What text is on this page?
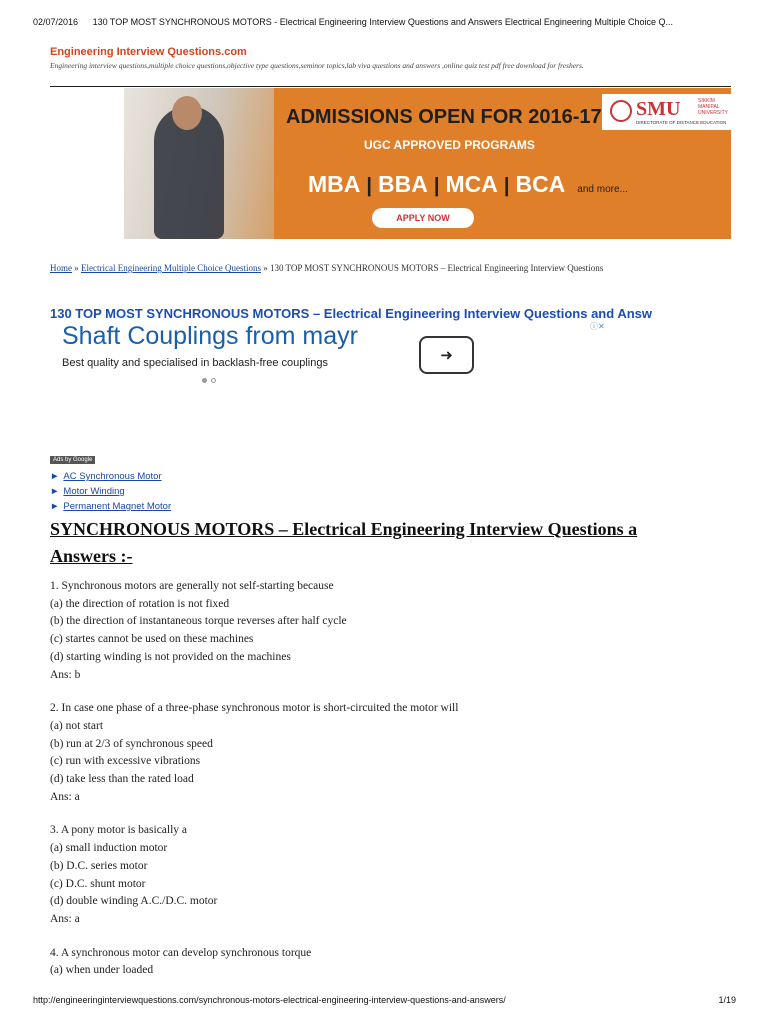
02/07/2016 130 TOP MOST SYNCHRONOUS MOTORS - Electrical Engineering Interview Questions and Answers Electrical Engineering Multiple Choice Q...
Engineering Interview Questions.com
Engineering interview questions,multiple choice questions,objective type questions,seminor topics,lab viva questions and answers ,online quiz test pdf free download for freshers.
ADMISSIONS OPEN FOR 2016-17
UGC APPROVED PROGRAMS
MBA | BBA | MCA | BCA and more...
APPLY NOW
SMU	SIKKIM MANIPAL UNIVERSITY
DIRECTORATE OF DISTANCE EDUCATION
Home » Electrical Engineering Multiple Choice Questions » 130 TOP MOST SYNCHRONOUS MOTORS – Electrical Engineering Interview Questions
130 TOP MOST SYNCHRONOUS MOTORS – Electrical Engineering Interview Questions and Answ
Shaft Couplings from mayr
Best quality and specialised in backlash-free couplings	➜
ⓘ✕
Ads by Google
► AC Synchronous Motor
► Motor Winding
► Permanent Magnet Motor
SYNCHRONOUS MOTORS – Electrical Engineering Interview Questions a
Answers :-
1. Synchronous motors are generally not self-starting because
(a) the direction of rotation is not fixed
(b) the direction of instantaneous torque reverses after half cycle
(c) startes cannot be used on these machines
(d) starting winding is not provided on the machines
Ans: b
2. In case one phase of a three-phase synchronous motor is short-circuited the motor will
(a) not start
(b) run at 2/3 of synchronous speed
(c) run with excessive vibrations
(d) take less than the rated load
Ans: a
3. A pony motor is basically a
(a) small induction motor
(b) D.C. series motor
(c) D.C. shunt motor
(d) double winding A.C./D.C. motor
Ans: a
4. A synchronous motor can develop synchronous torque
(a) when under loaded
http://engineeringinterviewquestions.com/synchronous-motors-electrical-engineering-interview-questions-and-answers/	1/19
